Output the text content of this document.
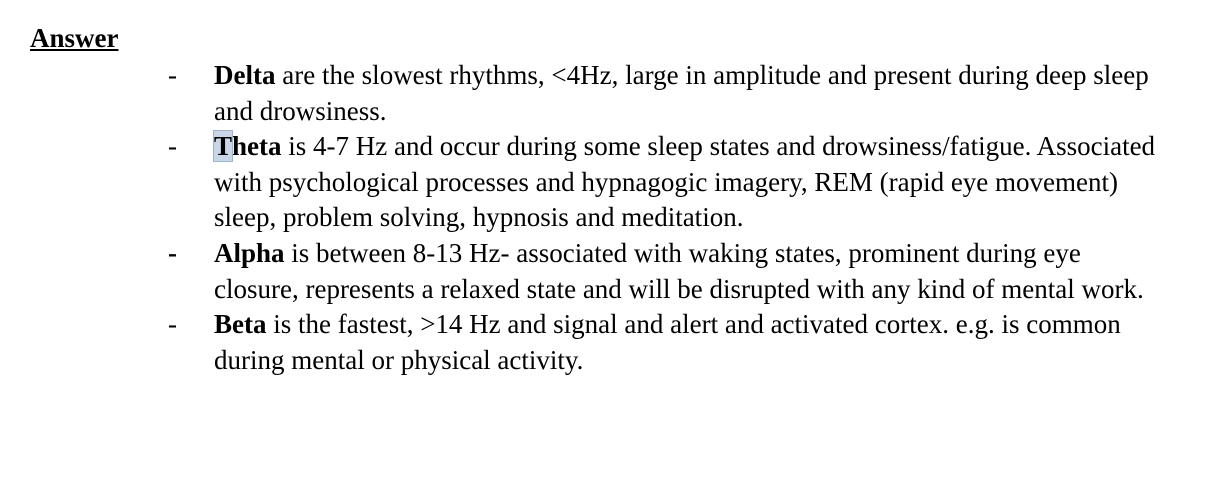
Answer
- Delta are the slowest rhythms, <4Hz, large in amplitude and present during deep sleep and drowsiness.
- Theta is 4-7 Hz and occur during some sleep states and drowsiness/fatigue. Associated with psychological processes and hypnagogic imagery, REM (rapid eye movement) sleep, problem solving, hypnosis and meditation.
- Alpha is between 8-13 Hz- associated with waking states, prominent during eye closure, represents a relaxed state and will be disrupted with any kind of mental work.
- Beta is the fastest, >14 Hz and signal and alert and activated cortex. e.g. is common during mental or physical activity.
